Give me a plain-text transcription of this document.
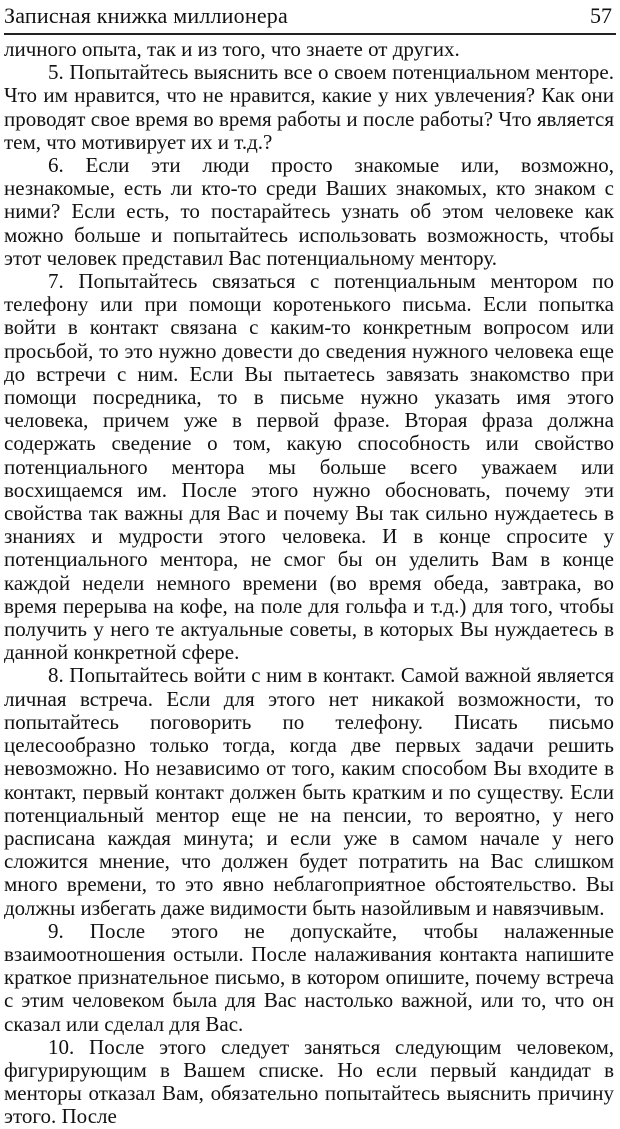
Записная книжка миллионера	57

личного опыта, так и из того, что знаете от других.

5. Попытайтесь выяснить все о своем потенциальном менторе. Что им нравится, что не нравится, какие у них увлечения? Как они проводят свое время во время работы и после работы? Что является тем, что мотивирует их и т.д.?

6. Если эти люди просто знакомые или, возможно, незнакомые, есть ли кто-то среди Ваших знакомых, кто знаком с ними? Если есть, то постарайтесь узнать об этом человеке как можно больше и попытайтесь использовать возможность, чтобы этот человек представил Вас потенциальному ментору.

7. Попытайтесь связаться с потенциальным ментором по телефону или при помощи коротенького письма. Если попытка войти в контакт связана с каким-то конкретным вопросом или просьбой, то это нужно довести до сведения нужного человека еще до встречи с ним. Если Вы пытаетесь завязать знакомство при помощи посредника, то в письме нужно указать имя этого человека, причем уже в первой фразе. Вторая фраза должна содержать сведение о том, какую способность или свойство потенциального ментора мы больше всего уважаем или восхищаемся им. После этого нужно обосновать, почему эти свойства так важны для Вас и почему Вы так сильно нуждаетесь в знаниях и мудрости этого человека. И в конце спросите у потенциального ментора, не смог бы он уделить Вам в конце каждой недели немного времени (во время обеда, завтрака, во время перерыва на кофе, на поле для гольфа и т.д.) для того, чтобы получить у него те актуальные советы, в которых Вы нуждаетесь в данной конкретной сфере.

8. Попытайтесь войти с ним в контакт. Самой важной является личная встреча. Если для этого нет никакой возможности, то попытайтесь поговорить по телефону. Писать письмо целесообразно только тогда, когда две первых задачи решить невозможно. Но независимо от того, каким способом Вы входите в контакт, первый контакт должен быть кратким и по существу. Если потенциальный ментор еще не на пенсии, то вероятно, у него расписана каждая минута; и если уже в самом начале у него сложится мнение, что должен будет потратить на Вас слишком много времени, то это явно неблагоприятное обстоятельство. Вы должны избегать даже видимости быть назойливым и навязчивым.

9. После этого не допускайте, чтобы налаженные взаимоотношения остыли. После налаживания контакта напишите краткое признательное письмо, в котором опишите, почему встреча с этим человеком была для Вас настолько важной, или то, что он сказал или сделал для Вас.

10. После этого следует заняться следующим человеком, фигурирующим в Вашем списке. Но если первый кандидат в менторы отказал Вам, обязательно попытайтесь выяснить причину этого. После
